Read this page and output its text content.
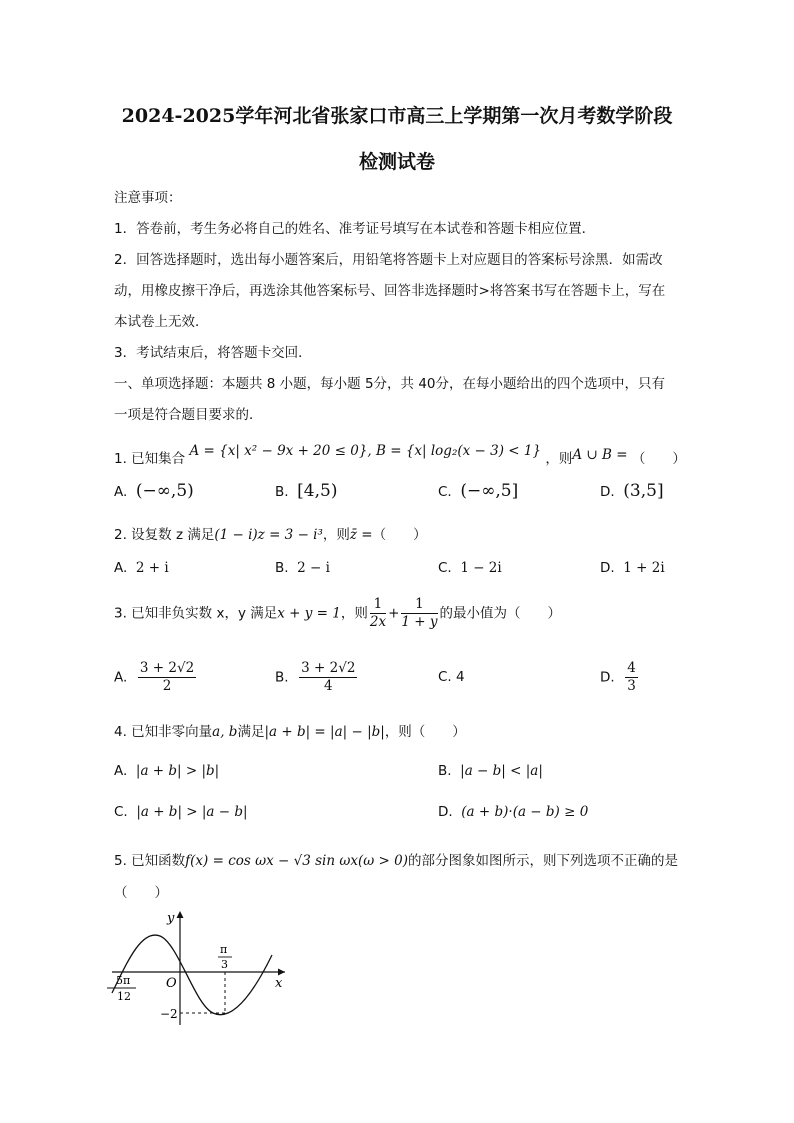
2024-2025学年河北省张家口市高三上学期第一次月考数学阶段
检测试卷
注意事项：
1．答卷前，考生务必将自己的姓名、准考证号填写在本试卷和答题卡相应位置．
2．回答选择题时，选出每小题答案后，用铅笔将答题卡上对应题目的答案标号涂黑．如需改
动，用橡皮擦干净后，再选涂其他答案标号、回答非选择题时>将答案书写在答题卡上，写在
本试卷上无效．
3．考试结束后，将答题卡交回．
一、单项选择题：本题共 8 小题，每小题 5分，共 40分，在每小题给出的四个选项中，只有
一项是符合题目要求的．
1. 已知集合 A = {x| x² − 9x + 20 ≤ 0}, B = {x| log₂(x − 3) < 1} ，则A ∪ B = （　　）
A. (−∞,5)	B. [4,5)	C. (−∞,5]	D. (3,5]
2. 设复数 z 满足(1 − i)z = 3 − i³，则z̄ =（　　）
A. 2 + i	B. 2 − i	C. 1 − 2i	D. 1 + 2i
3. 已知非负实数 x，y 满足x + y = 1，则 $\frac{1}{2x} + \frac{1}{1 + y}$ 的最小值为（　　）
A. $\frac{3 + 2√2}{2}$	B. $\frac{3 + 2√2}{4}$	C. 4	D. $\frac{4}{3}$
4. 已知非零向量a, b满足|a + b| = |a| − |b|，则（　　）
A. |a + b| > |b|	B. |a − b| < |a|
C. |a + b| > |a − b|	D. (a + b)·(a − b) ≥ 0
5. 已知函数f(x) = cos ωx − √3 sin ωx(ω > 0)的部分图象如图所示，则下列选项不正确的是
（　　）
y
x
O
π
3
5π
12
−2
